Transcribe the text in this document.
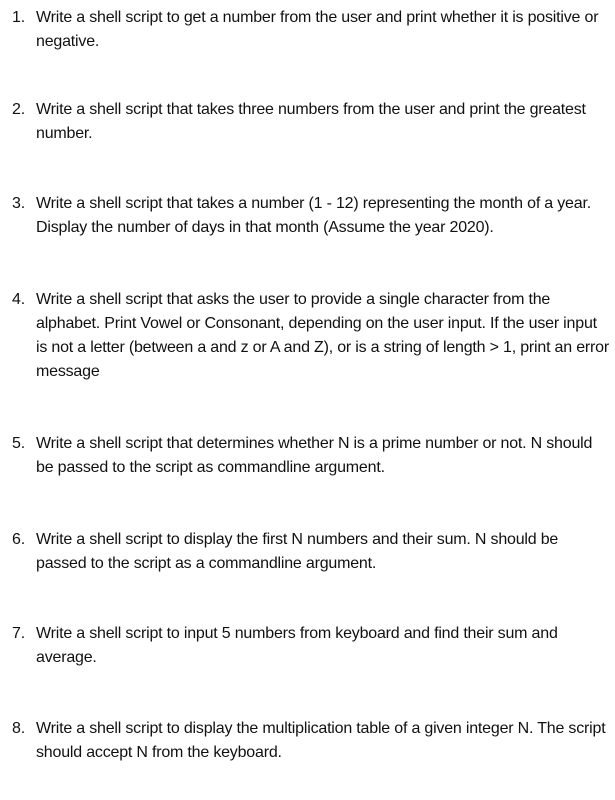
1. Write a shell script to get a number from the user and print whether it is positive or negative.
2. Write a shell script that takes three numbers from the user and print the greatest number.
3. Write a shell script that takes a number (1 - 12) representing the month of a year. Display the number of days in that month (Assume the year 2020).
4. Write a shell script that asks the user to provide a single character from the alphabet. Print Vowel or Consonant, depending on the user input. If the user input is not a letter (between a and z or A and Z), or is a string of length > 1, print an error message
5. Write a shell script that determines whether N is a prime number or not. N should be passed to the script as commandline argument.
6. Write a shell script to display the first N numbers and their sum. N should be passed to the script as a commandline argument.
7. Write a shell script to input 5 numbers from keyboard and find their sum and average.
8. Write a shell script to display the multiplication table of a given integer N. The script should accept N from the keyboard.
